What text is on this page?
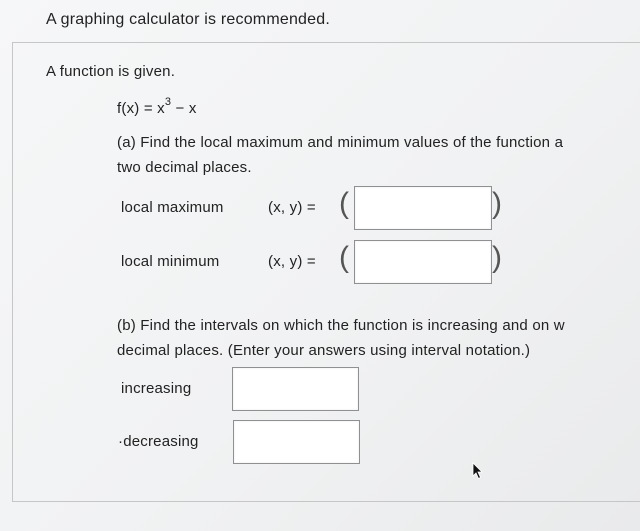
A graphing calculator is recommended.
A function is given.
$f(x) = x^3 - x$
(a) Find the local maximum and minimum values of the function a
two decimal places.
local maximum	(x, y) = (	)
local minimum	(x, y) = (	)
(b) Find the intervals on which the function is increasing and on w
decimal places. (Enter your answers using interval notation.)
increasing
·decreasing
